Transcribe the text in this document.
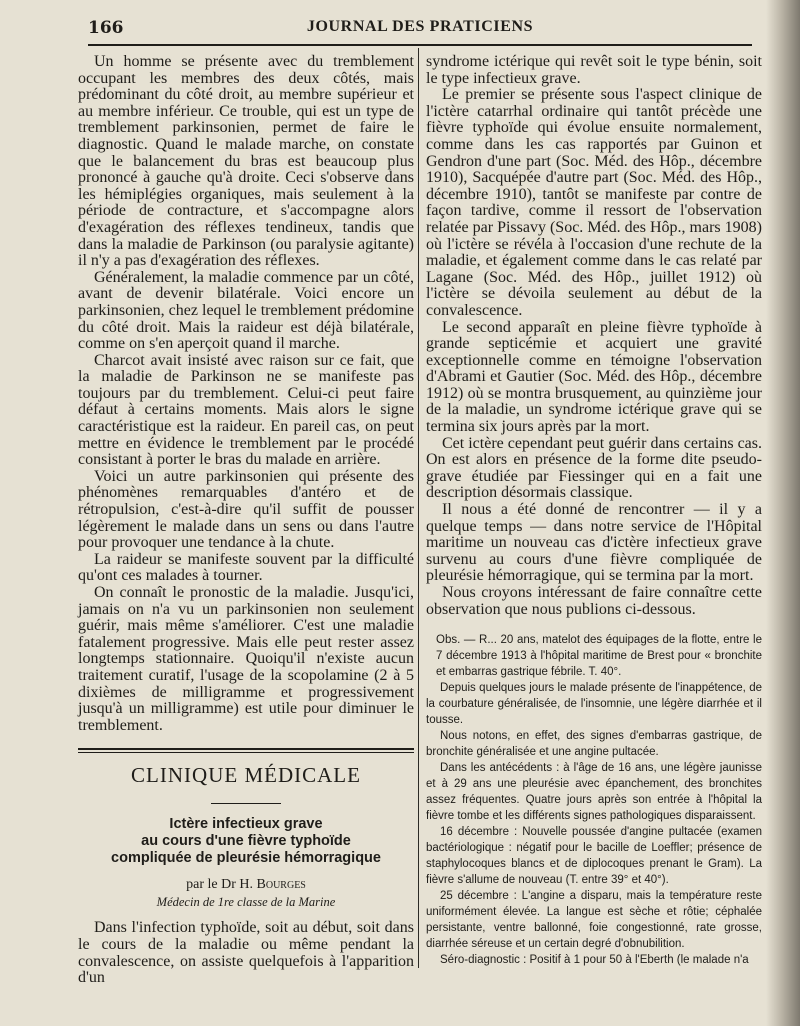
166	JOURNAL DES PRATICIENS

Un homme se présente avec du tremblement occupant les membres des deux côtés, mais prédominant du côté droit, au membre supérieur et au membre inférieur. Ce trouble, qui est un type de tremblement parkinsonien, permet de faire le diagnostic. Quand le malade marche, on constate que le balancement du bras est beaucoup plus prononcé à gauche qu'à droite. Ceci s'observe dans les hémiplégies organiques, mais seulement à la période de contracture, et s'accompagne alors d'exagération des réflexes tendineux, tandis que dans la maladie de Parkinson (ou paralysie agitante) il n'y a pas d'exagération des réflexes.

Généralement, la maladie commence par un côté, avant de devenir bilatérale. Voici encore un parkinsonien, chez lequel le tremblement prédomine du côté droit. Mais la raideur est déjà bilatérale, comme on s'en aperçoit quand il marche.

Charcot avait insisté avec raison sur ce fait, que la maladie de Parkinson ne se manifeste pas toujours par du tremblement. Celui-ci peut faire défaut à certains moments. Mais alors le signe caractéristique est la raideur. En pareil cas, on peut mettre en évidence le tremblement par le procédé consistant à porter le bras du malade en arrière.

Voici un autre parkinsonien qui présente des phénomènes remarquables d'antéro et de rétropulsion, c'est-à-dire qu'il suffit de pousser légèrement le malade dans un sens ou dans l'autre pour provoquer une tendance à la chute.

La raideur se manifeste souvent par la difficulté qu'ont ces malades à tourner.

On connaît le pronostic de la maladie. Jusqu'ici, jamais on n'a vu un parkinsonien non seulement guérir, mais même s'améliorer. C'est une maladie fatalement progressive. Mais elle peut rester assez longtemps stationnaire. Quoiqu'il n'existe aucun traitement curatif, l'usage de la scopolamine (2 à 5 dixièmes de milligramme et progressivement jusqu'à un milligramme) est utile pour diminuer le tremblement.

CLINIQUE MÉDICALE
Ictère infectieux grave
au cours d'une fièvre typhoïde
compliquée de pleurésie hémorragique
par le Dr H. Bourges
Médecin de 1re classe de la Marine

Dans l'infection typhoïde, soit au début, soit dans le cours de la maladie ou même pendant la convalescence, on assiste quelquefois à l'apparition d'un

syndrome ictérique qui revêt soit le type bénin, soit le type infectieux grave.

Le premier se présente sous l'aspect clinique de l'ictère catarrhal ordinaire qui tantôt précède une fièvre typhoïde qui évolue ensuite normalement, comme dans les cas rapportés par Guinon et Gendron d'une part (Soc. Méd. des Hôp., décembre 1910), Sacquépée d'autre part (Soc. Méd. des Hôp., décembre 1910), tantôt se manifeste par contre de façon tardive, comme il ressort de l'observation relatée par Pissavy (Soc. Méd. des Hôp., mars 1908) où l'ictère se révéla à l'occasion d'une rechute de la maladie, et également comme dans le cas relaté par Lagane (Soc. Méd. des Hôp., juillet 1912) où l'ictère se dévoila seulement au début de la convalescence.

Le second apparaît en pleine fièvre typhoïde à grande septicémie et acquiert une gravité exceptionnelle comme en témoigne l'observation d'Abrami et Gautier (Soc. Méd. des Hôp., décembre 1912) où se montra brusquement, au quinzième jour de la maladie, un syndrome ictérique grave qui se termina six jours après par la mort.

Cet ictère cependant peut guérir dans certains cas. On est alors en présence de la forme dite pseudo-grave étudiée par Fiessinger qui en a fait une description désormais classique.

Il nous a été donné de rencontrer — il y a quelque temps — dans notre service de l'Hôpital maritime un nouveau cas d'ictère infectieux grave survenu au cours d'une fièvre compliquée de pleurésie hémorragique, qui se termina par la mort.

Nous croyons intéressant de faire connaître cette observation que nous publions ci-dessous.

Obs. — R... 20 ans, matelot des équipages de la flotte, entre le 7 décembre 1913 à l'hôpital maritime de Brest pour « bronchite et embarras gastrique fébrile. T. 40°.

Depuis quelques jours le malade présente de l'inappétence, de la courbature généralisée, de l'insomnie, une légère diarrhée et il tousse.

Nous notons, en effet, des signes d'embarras gastrique, de bronchite généralisée et une angine pultacée.

Dans les antécédents : à l'âge de 16 ans, une légère jaunisse et à 29 ans une pleurésie avec épanchement, des bronchites assez fréquentes. Quatre jours après son entrée à l'hôpital la fièvre tombe et les différents signes pathologiques disparaissent.

16 décembre : Nouvelle poussée d'angine pultacée (examen bactériologique : négatif pour le bacille de Loeffler; présence de staphylocoques blancs et de diplocoques prenant le Gram). La fièvre s'allume de nouveau (T. entre 39° et 40°).

25 décembre : L'angine a disparu, mais la température reste uniformément élevée. La langue est sèche et rôtie; céphalée persistante, ventre ballonné, foie congestionné, rate grosse, diarrhée séreuse et un certain degré d'obnubilition.

Séro-diagnostic : Positif à 1 pour 50 à l'Eberth (le malade n'a
